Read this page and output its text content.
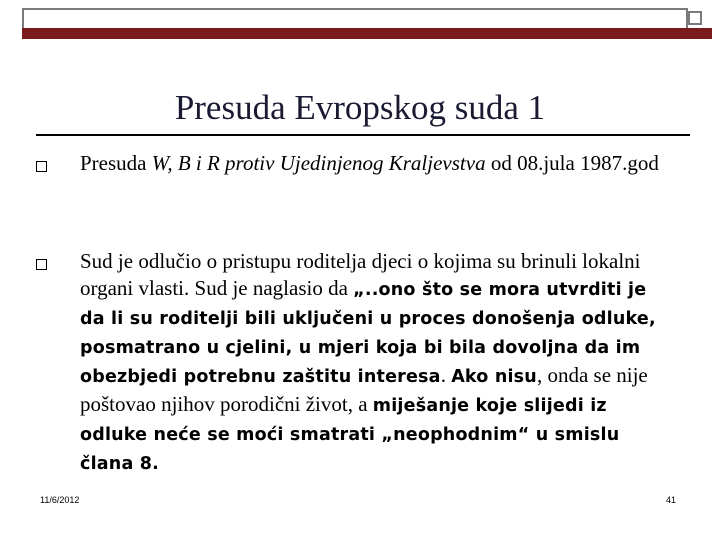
Presuda Evropskog suda 1
Presuda W, B i R protiv Ujedinjenog Kraljevstva od 08.jula 1987.god
Sud je odlučio o pristupu roditelja djeci o kojima su brinuli lokalni organi vlasti. Sud je naglasio da „..ono što se mora utvrditi je da li su roditelji bili uključeni u proces donošenja odluke, posmatrano u cjelini, u mjeri koja bi bila dovoljna da im obezbjedi potrebnu zaštitu interesa. Ako nisu, onda se nije poštovao njihov porodični život, a miješanje koje slijedi iz odluke neće se moći smatrati „neophodnim“ u smislu člana 8.
11/6/2012	41
